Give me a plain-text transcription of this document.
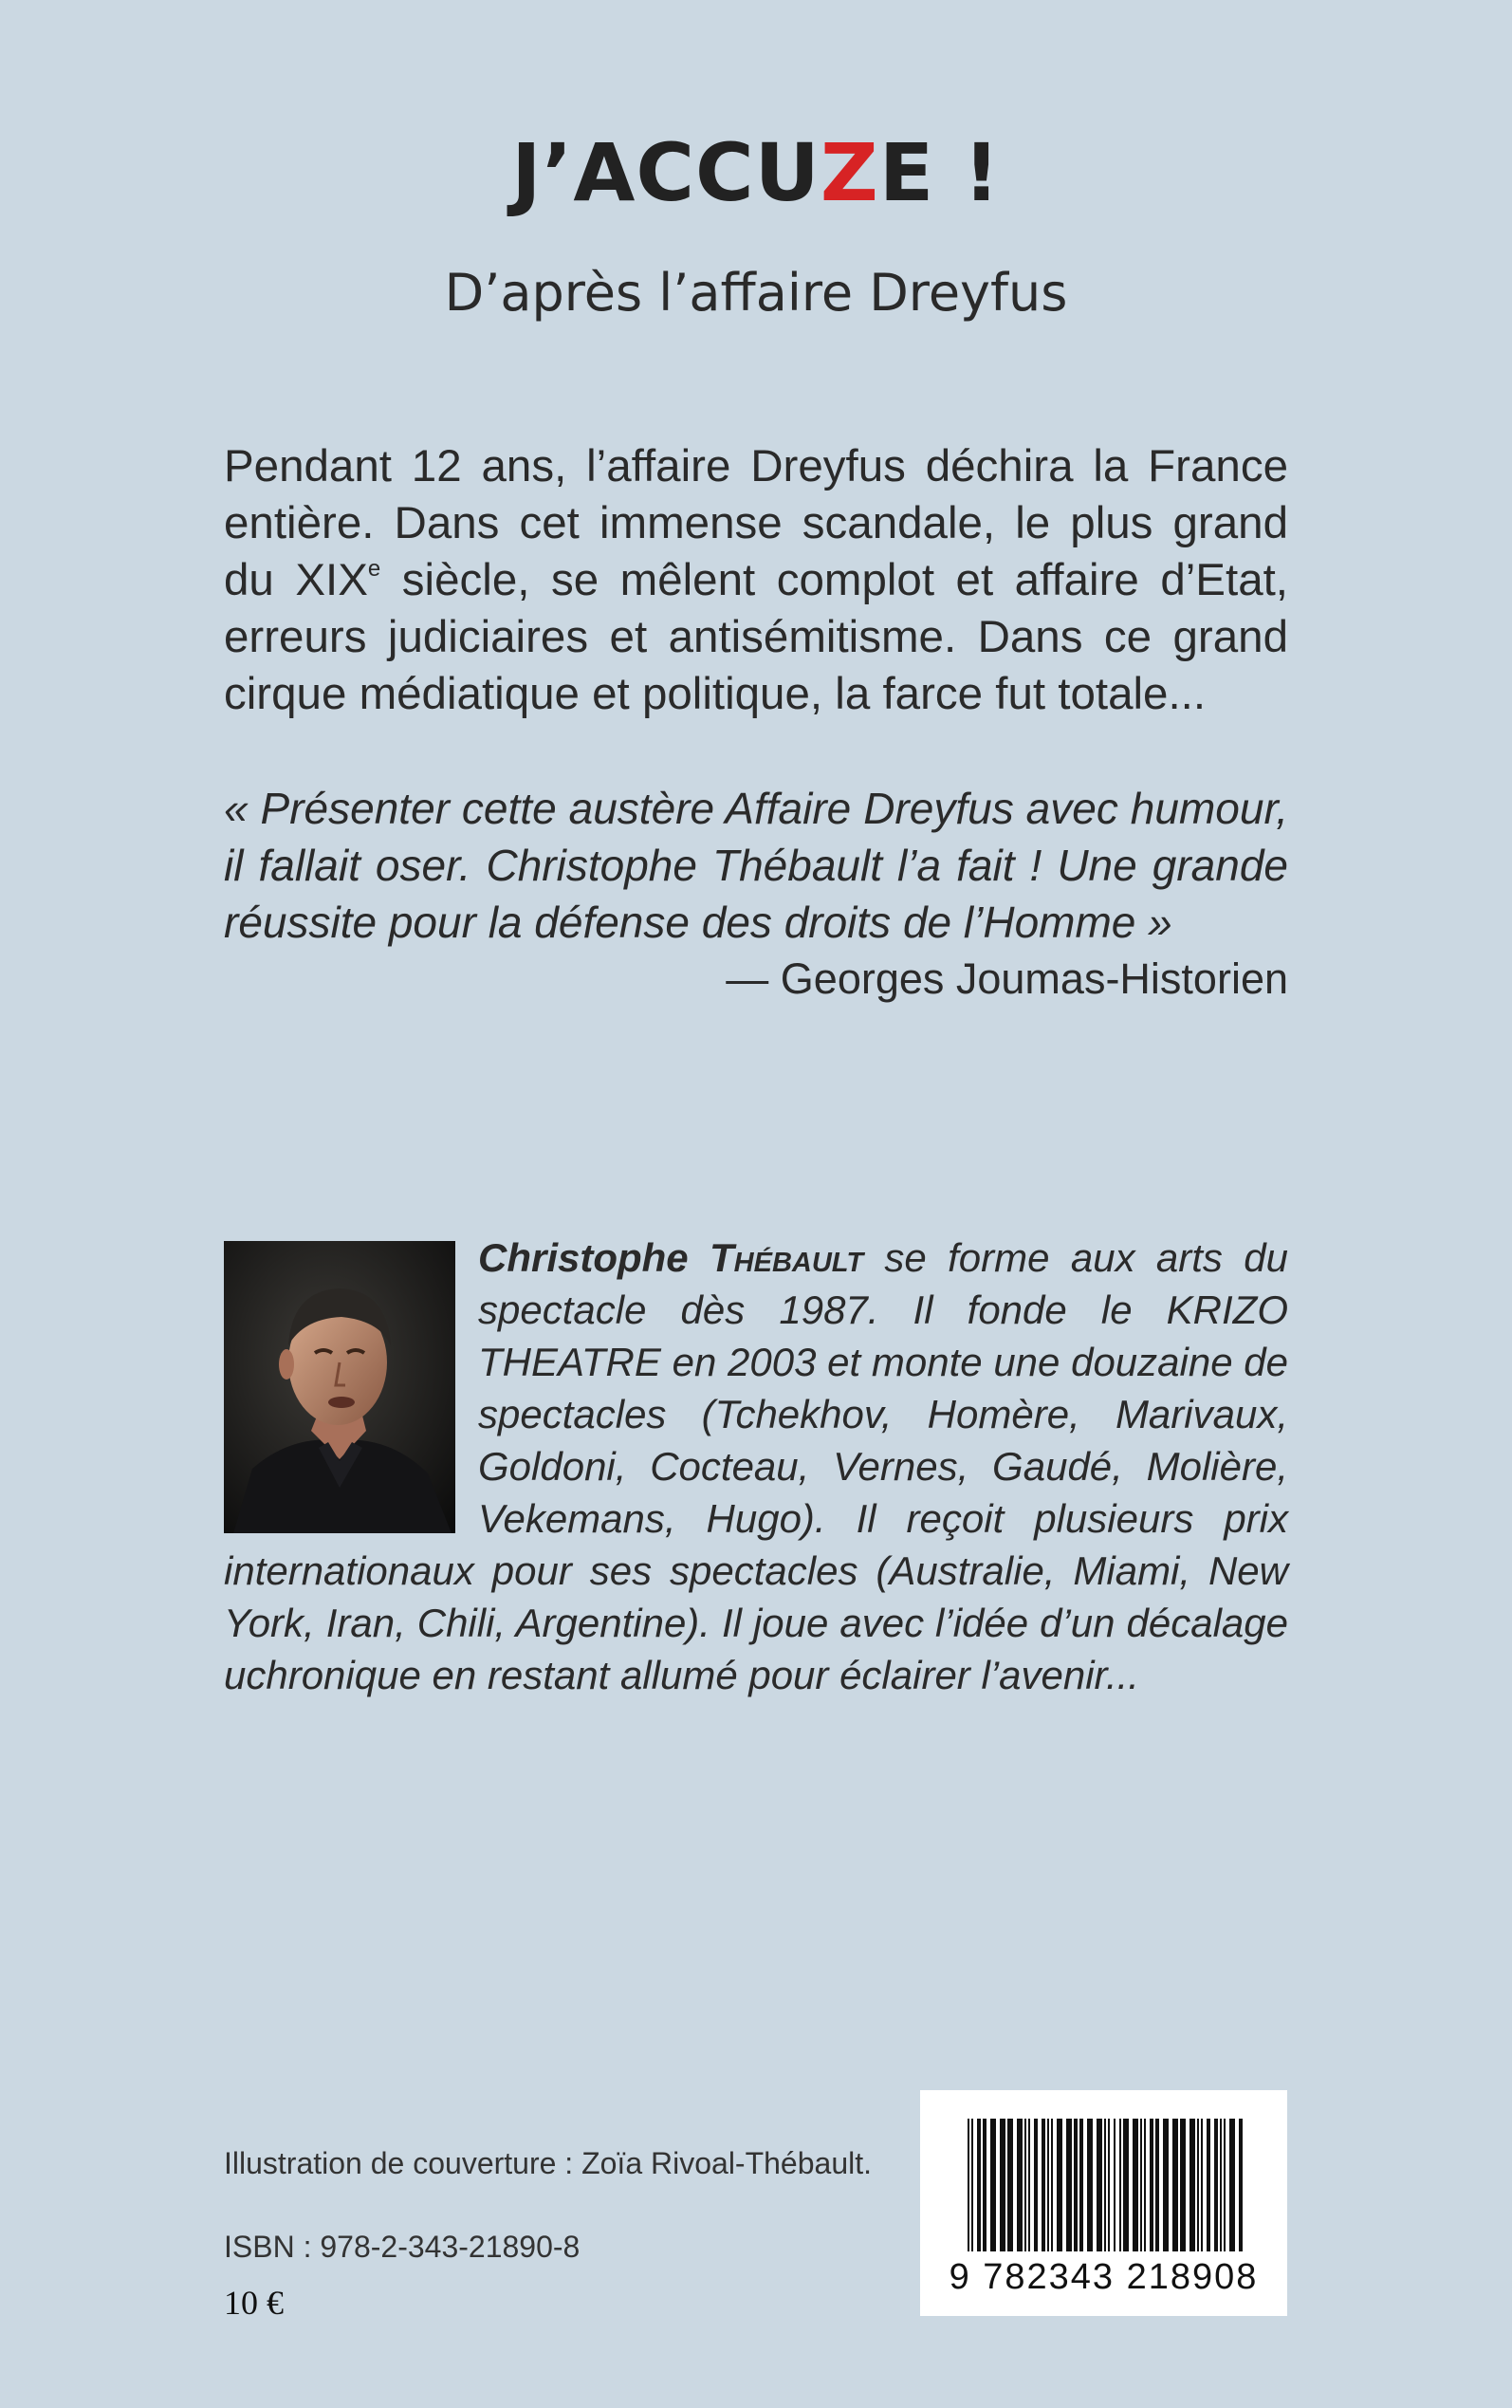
J’ACCUZE !
D’après l’affaire Dreyfus

Pendant 12 ans, l’affaire Dreyfus déchira la France entière. Dans cet immense scandale, le plus grand du XIXe siècle, se mêlent complot et affaire d’Etat, erreurs judiciaires et antisémitisme. Dans ce grand cirque médiatique et politique, la farce fut totale...

« Présenter cette austère Affaire Dreyfus avec humour, il fallait oser. Christophe Thébault l’a fait ! Une grande réussite pour la défense des droits de l’Homme »

— Georges Joumas-Historien

Christophe Thébault se forme aux arts du spectacle dès 1987. Il fonde le KRIZO THEATRE en 2003 et monte une douzaine de spectacles (Tchekhov, Homère, Marivaux, Goldoni, Cocteau, Vernes, Gaudé, Molière, Vekemans, Hugo). Il reçoit plusieurs prix internationaux pour ses spectacles (Australie, Miami, New York, Iran, Chili, Argentine). Il joue avec l’idée d’un décalage uchronique en restant allumé pour éclairer l’avenir...

Illustration de couverture : Zoïa Rivoal-Thébault.
ISBN : 978-2-343-21890-8
10 €
9 782343 218908
